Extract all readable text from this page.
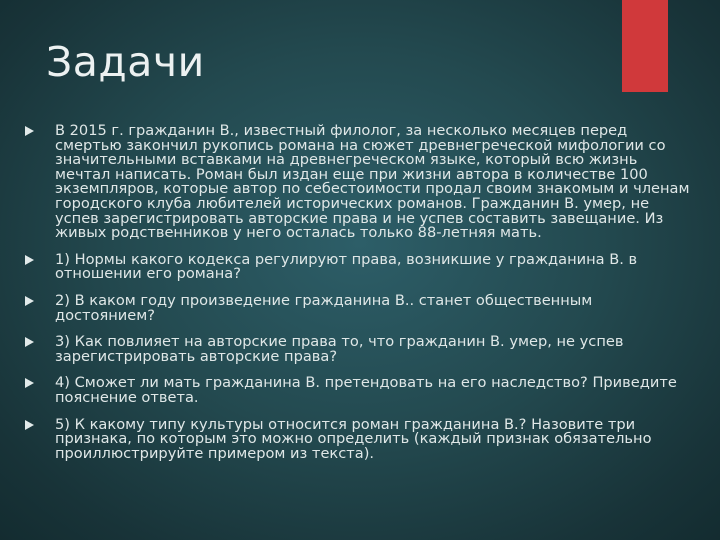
Задачи
В 2015 г. гражданин В., известный филолог, за несколько месяцев перед смертью закончил рукопись романа на сюжет древнегреческой мифологии со значительными вставками на древнегреческом языке, который всю жизнь мечтал написать. Роман был издан еще при жизни автора в количестве 100 экземпляров, которые автор по себестоимости продал своим знакомым и членам городского клуба любителей исторических романов. Гражданин В. умер, не успев зарегистрировать авторские права и не успев составить завещание. Из живых родственников у него осталась только 88-летняя мать.
1) Нормы какого кодекса регулируют права, возникшие у гражданина В. в отношении его романа?
2) В каком году произведение гражданина В.. станет общественным достоянием?
3) Как повлияет на авторские права то, что гражданин В. умер, не успев зарегистрировать авторские права?
4) Сможет ли мать гражданина В. претендовать на его наследство? Приведите пояснение ответа.
5) К какому типу культуры относится роман гражданина В.? Назовите три признака, по которым это можно определить (каждый признак обязательно проиллюстрируйте примером из текста).
